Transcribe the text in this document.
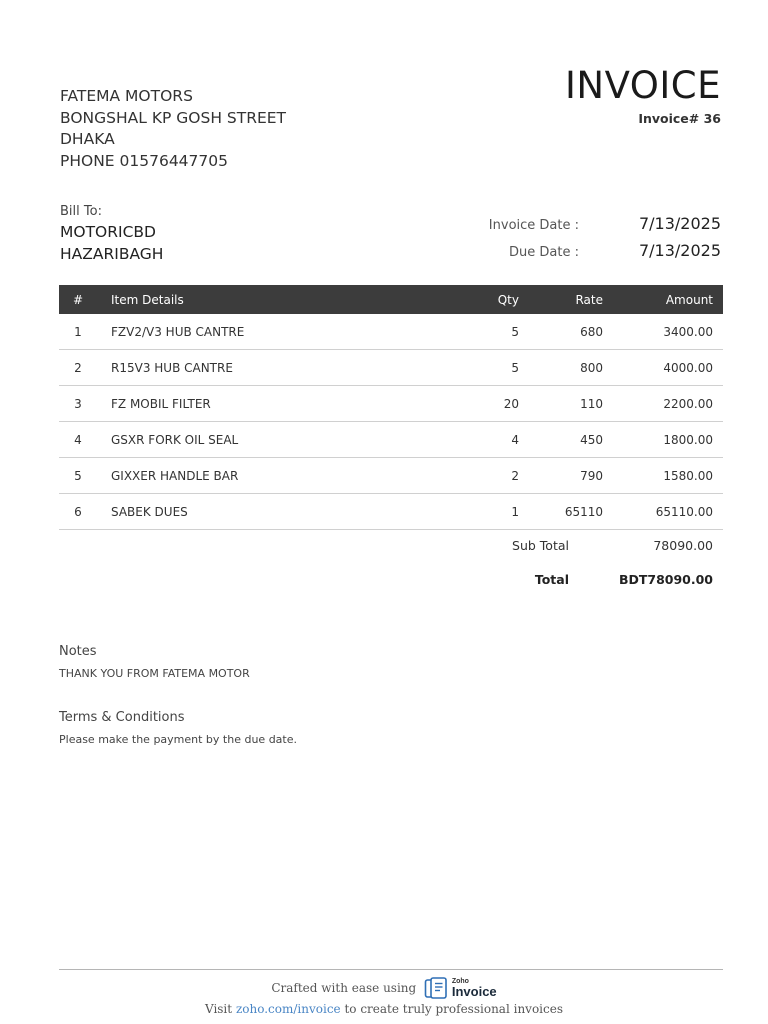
FATEMA MOTORS
BONGSHAL KP GOSH STREET
DHAKA
PHONE 01576447705
INVOICE
Invoice# 36
Bill To:
MOTORICBD
HAZARIBAGH
Invoice Date :	7/13/2025
Due Date :	7/13/2025
#	Item Details	Qty	Rate	Amount
1	FZV2/V3 HUB CANTRE	5	680	3400.00
2	R15V3 HUB CANTRE	5	800	4000.00
3	FZ MOBIL FILTER	20	110	2200.00
4	GSXR FORK OIL SEAL	4	450	1800.00
5	GIXXER HANDLE BAR	2	790	1580.00
6	SABEK DUES	1	65110	65110.00
Sub Total	78090.00
Total	BDT78090.00
Notes
THANK YOU FROM FATEMA MOTOR
Terms & Conditions
Please make the payment by the due date.
Crafted with ease using	Zoho
Invoice
Visit zoho.com/invoice to create truly professional invoices
